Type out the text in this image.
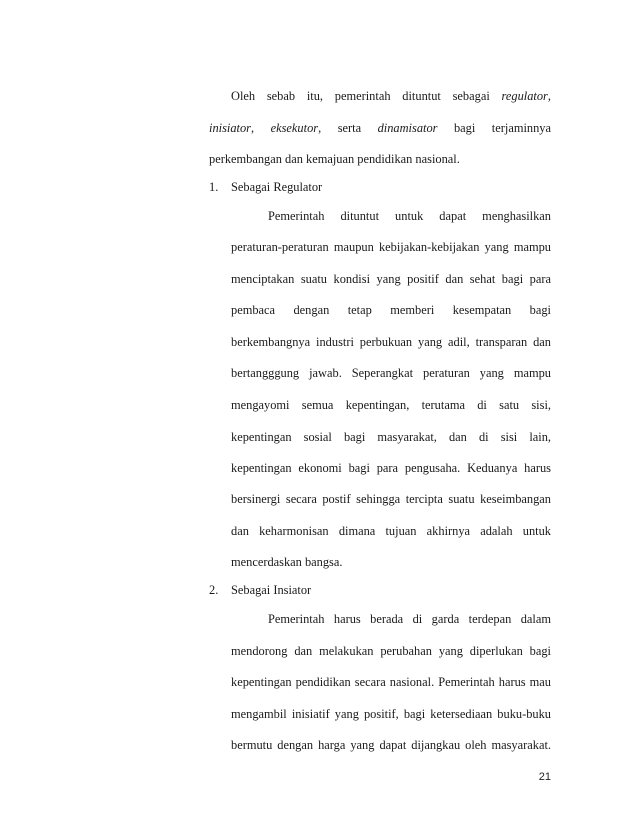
Oleh sebab itu, pemerintah dituntut sebagai regulator,
inisiator, eksekutor, serta dinamisator bagi terjaminnya
perkembangan dan kemajuan pendidikan nasional.
1. Sebagai Regulator
Pemerintah dituntut untuk dapat menghasilkan
peraturan-peraturan maupun kebijakan-kebijakan yang mampu
menciptakan suatu kondisi yang positif dan sehat bagi para
pembaca dengan tetap memberi kesempatan bagi
berkembangnya industri perbukuan yang adil, transparan dan
bertangggung jawab. Seperangkat peraturan yang mampu
mengayomi semua kepentingan, terutama di satu sisi,
kepentingan sosial bagi masyarakat, dan di sisi lain,
kepentingan ekonomi bagi para pengusaha. Keduanya harus
bersinergi secara postif sehingga tercipta suatu keseimbangan
dan keharmonisan dimana tujuan akhirnya adalah untuk
mencerdaskan bangsa.
2. Sebagai Insiator
Pemerintah harus berada di garda terdepan dalam
mendorong dan melakukan perubahan yang diperlukan bagi
kepentingan pendidikan secara nasional. Pemerintah harus mau
mengambil inisiatif yang positif, bagi ketersediaan buku-buku
bermutu dengan harga yang dapat dijangkau oleh masyarakat.
21
